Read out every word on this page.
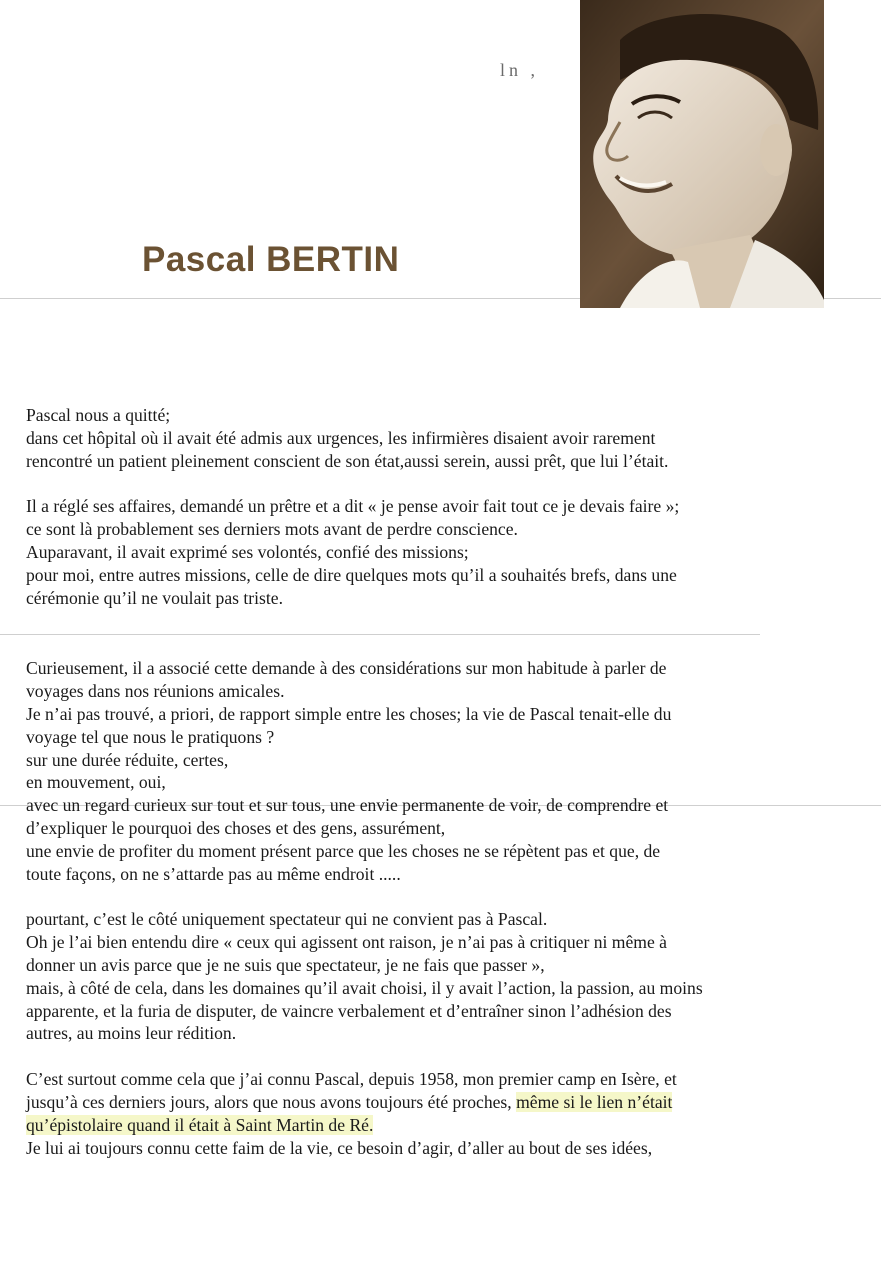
ln ,
Pascal BERTIN

Pascal nous a quitté;

dans cet hôpital où il avait été admis aux urgences, les infirmières disaient avoir rarement

rencontré un patient pleinement conscient de son état,aussi serein, aussi prêt, que lui l’était.

Il a réglé ses affaires, demandé un prêtre et a dit « je pense avoir fait tout ce je devais faire »;

ce sont là probablement ses derniers mots avant de perdre conscience.

Auparavant, il avait exprimé ses volontés, confié des missions;

pour moi, entre autres missions, celle de dire quelques mots qu’il a souhaités brefs, dans une

cérémonie qu’il ne voulait pas triste.

Curieusement, il a associé cette demande à des considérations sur mon habitude à parler de

voyages dans nos réunions amicales.

Je n’ai pas trouvé, a priori, de rapport simple entre les choses; la vie de Pascal tenait-elle du

voyage tel que nous le pratiquons ?

sur une durée réduite, certes,

en mouvement, oui,

avec un regard curieux sur tout et sur tous, une envie permanente de voir, de comprendre et

d’expliquer le pourquoi des choses et des gens, assurément,

une envie de profiter du moment présent parce que les choses ne se répètent pas et que, de

toute façons, on ne s’attarde pas au même endroit .....

pourtant, c’est le côté uniquement spectateur qui ne convient pas à Pascal.

Oh je l’ai bien entendu dire « ceux qui agissent ont raison, je n’ai pas à critiquer ni même à

donner un avis parce que je ne suis que spectateur, je ne fais que passer »,

mais, à côté de cela, dans les domaines qu’il avait choisi, il y avait l’action, la passion, au moins

apparente, et la furia de disputer, de vaincre verbalement et d’entraîner sinon l’adhésion des

autres, au moins leur rédition.

C’est surtout comme cela que j’ai connu Pascal, depuis 1958, mon premier camp en Isère, et

jusqu’à ces derniers jours, alors que nous avons toujours été proches, même si le lien n’était

qu’épistolaire quand il était à Saint Martin de Ré.

Je lui ai toujours connu cette faim de la vie, ce besoin d’agir, d’aller au bout de ses idées,
